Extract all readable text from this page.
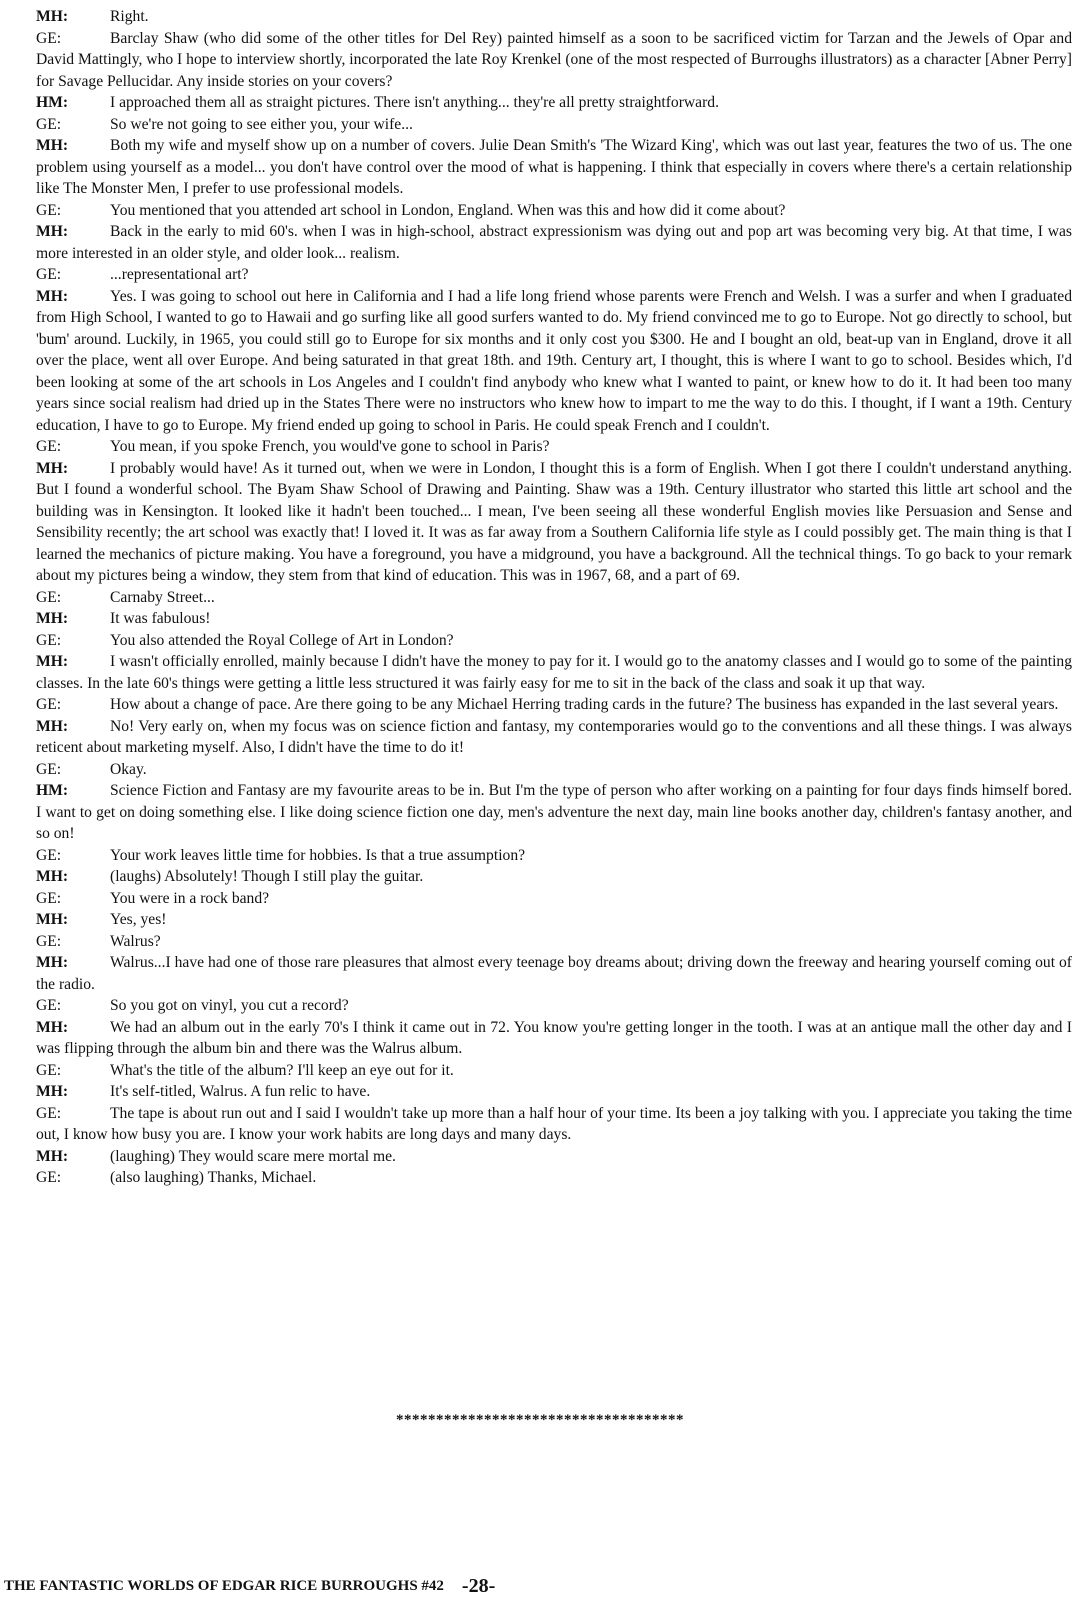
MH:	Right.

GE:	Barclay Shaw (who did some of the other titles for Del Rey) painted himself as a soon to be sacrificed victim for Tarzan and the Jewels of Opar and David Mattingly, who I hope to interview shortly, incorporated the late Roy Krenkel (one of the most respected of Burroughs illustrators) as a character [Abner Perry] for Savage Pellucidar. Any inside stories on your covers?

HM:	I approached them all as straight pictures. There isn't anything... they're all pretty straightforward.

GE:	So we're not going to see either you, your wife...

MH:	Both my wife and myself show up on a number of covers. Julie Dean Smith's 'The Wizard King', which was out last year, features the two of us. The one problem using yourself as a model... you don't have control over the mood of what is happening. I think that especially in covers where there's a certain relationship like The Monster Men, I prefer to use professional models.

GE:	You mentioned that you attended art school in London, England. When was this and how did it come about?

MH:	Back in the early to mid 60's. when I was in high-school, abstract expressionism was dying out and pop art was becoming very big. At that time, I was more interested in an older style, and older look... realism.

GE:	...representational art?

MH:	Yes. I was going to school out here in California and I had a life long friend whose parents were French and Welsh. I was a surfer and when I graduated from High School, I wanted to go to Hawaii and go surfing like all good surfers wanted to do. My friend convinced me to go to Europe. Not go directly to school, but 'bum' around. Luckily, in 1965, you could still go to Europe for six months and it only cost you $300. He and I bought an old, beat-up van in England, drove it all over the place, went all over Europe. And being saturated in that great 18th. and 19th. Century art, I thought, this is where I want to go to school. Besides which, I'd been looking at some of the art schools in Los Angeles and I couldn't find anybody who knew what I wanted to paint, or knew how to do it. It had been too many years since social realism had dried up in the States There were no instructors who knew how to impart to me the way to do this. I thought, if I want a 19th. Century education, I have to go to Europe. My friend ended up going to school in Paris. He could speak French and I couldn't.

GE:	You mean, if you spoke French, you would've gone to school in Paris?

MH:	I probably would have! As it turned out, when we were in London, I thought this is a form of English. When I got there I couldn't understand anything. But I found a wonderful school. The Byam Shaw School of Drawing and Painting. Shaw was a 19th. Century illustrator who started this little art school and the building was in Kensington. It looked like it hadn't been touched... I mean, I've been seeing all these wonderful English movies like Persuasion and Sense and Sensibility recently; the art school was exactly that! I loved it. It was as far away from a Southern California life style as I could possibly get. The main thing is that I learned the mechanics of picture making. You have a foreground, you have a midground, you have a background. All the technical things. To go back to your remark about my pictures being a window, they stem from that kind of education. This was in 1967, 68, and a part of 69.

GE:	Carnaby Street...

MH:	It was fabulous!

GE:	You also attended the Royal College of Art in London?

MH:	I wasn't officially enrolled, mainly because I didn't have the money to pay for it. I would go to the anatomy classes and I would go to some of the painting classes. In the late 60's things were getting a little less structured it was fairly easy for me to sit in the back of the class and soak it up that way.

GE:	How about a change of pace. Are there going to be any Michael Herring trading cards in the future? The business has expanded in the last several years.

MH:	No! Very early on, when my focus was on science fiction and fantasy, my contemporaries would go to the conventions and all these things. I was always reticent about marketing myself. Also, I didn't have the time to do it!

GE:	Okay.

HM:	Science Fiction and Fantasy are my favourite areas to be in. But I'm the type of person who after working on a painting for four days finds himself bored. I want to get on doing something else. I like doing science fiction one day, men's adventure the next day, main line books another day, children's fantasy another, and so on!

GE:	Your work leaves little time for hobbies. Is that a true assumption?

MH:	(laughs) Absolutely! Though I still play the guitar.

GE:	You were in a rock band?

MH:	Yes, yes!

GE:	Walrus?

MH:	Walrus...I have had one of those rare pleasures that almost every teenage boy dreams about; driving down the freeway and hearing yourself coming out of the radio.

GE:	So you got on vinyl, you cut a record?

MH:	We had an album out in the early 70's I think it came out in 72. You know you're getting longer in the tooth. I was at an antique mall the other day and I was flipping through the album bin and there was the Walrus album.

GE:	What's the title of the album? I'll keep an eye out for it.

MH:	It's self-titled, Walrus. A fun relic to have.

GE:	The tape is about run out and I said I wouldn't take up more than a half hour of your time. Its been a joy talking with you. I appreciate you taking the time out, I know how busy you are. I know your work habits are long days and many days.

MH:	(laughing) They would scare mere mortal me.

GE:	(also laughing) Thanks, Michael.

************************************
THE FANTASTIC WORLDS OF EDGAR RICE BURROUGHS #42 -28-
